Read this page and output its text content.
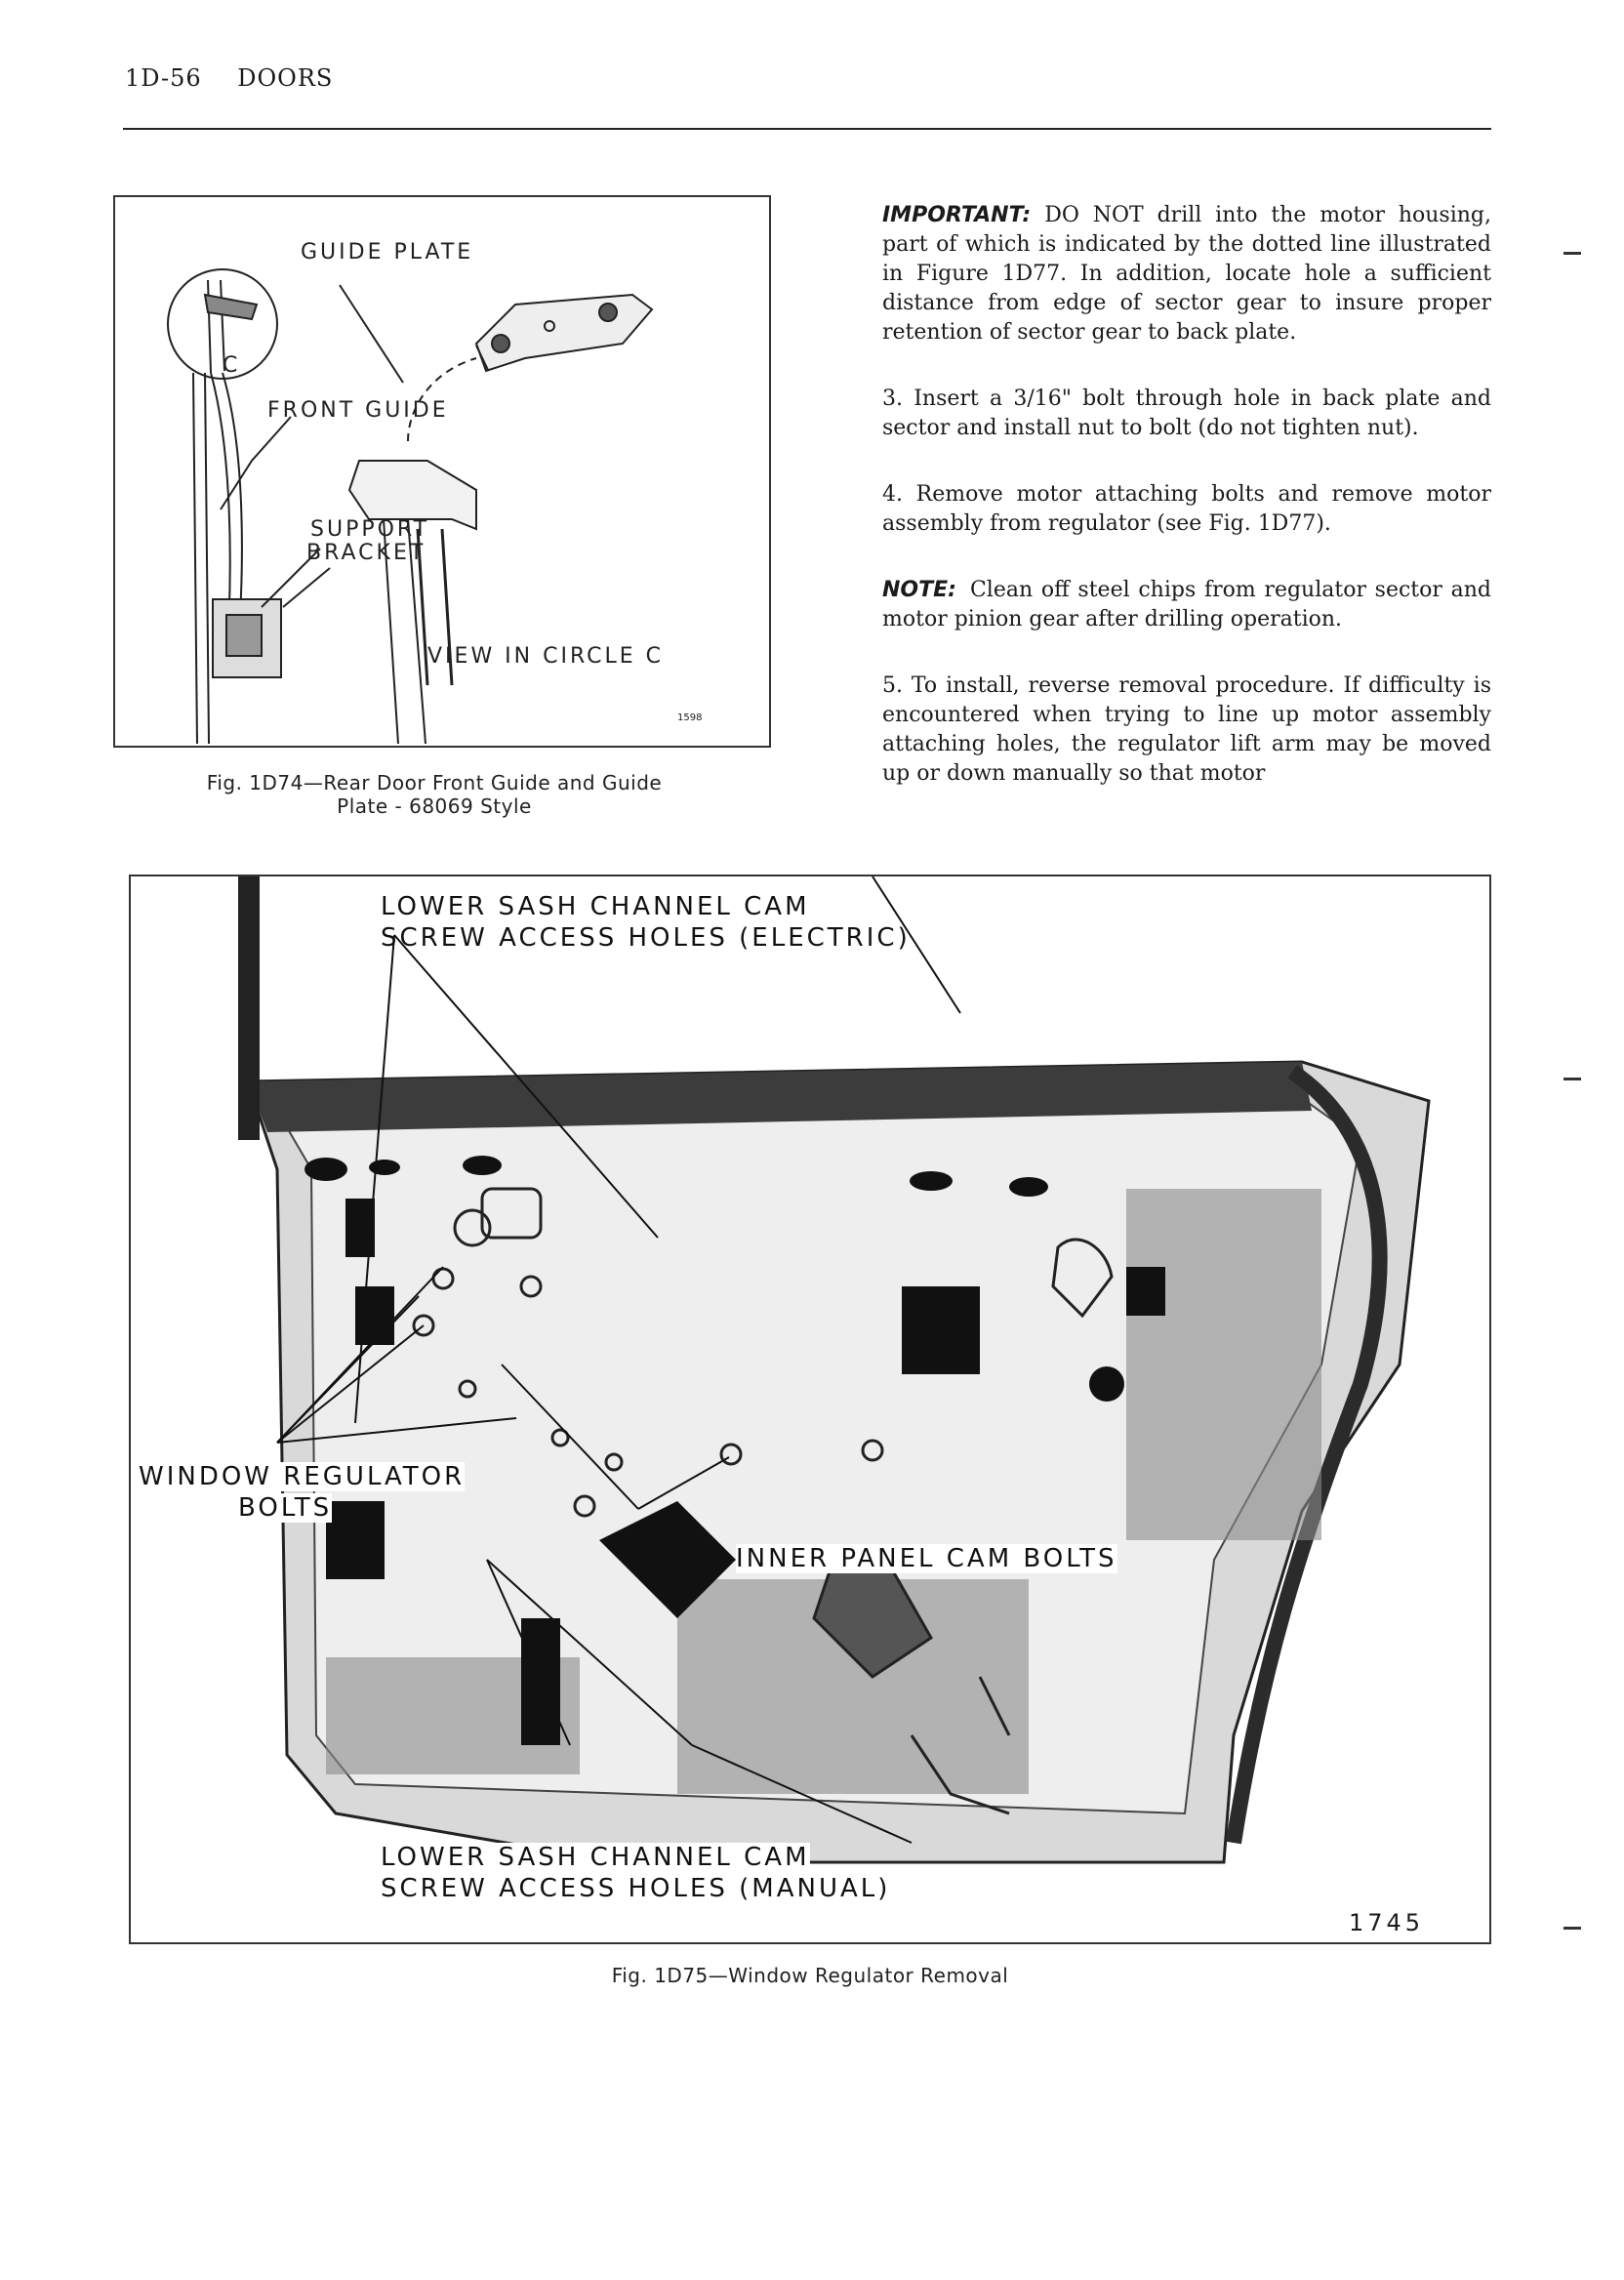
1D-56 DOORS
GUIDE PLATE
C
FRONT GUIDE
SUPPORT
BRACKET
VIEW IN CIRCLE C
1598
Fig. 1D74—Rear Door Front Guide and Guide
Plate - 68069 Style

IMPORTANT: DO NOT drill into the motor housing, part of which is indicated by the dotted line illustrated in Figure 1D77. In addition, locate hole a sufficient distance from edge of sector gear to insure proper retention of sector gear to back plate.

3. Insert a 3/16" bolt through hole in back plate and sector and install nut to bolt (do not tighten nut).

4. Remove motor attaching bolts and remove motor assembly from regulator (see Fig. 1D77).

NOTE: Clean off steel chips from regulator sector and motor pinion gear after drilling operation.

5. To install, reverse removal procedure. If difficulty is encountered when trying to line up motor assembly attaching holes, the regulator lift arm may be moved up or down manually so that motor

LOWER SASH CHANNEL CAM
SCREW ACCESS HOLES (ELECTRIC)
WINDOW REGULATOR
BOLTS
INNER PANEL CAM BOLTS
LOWER SASH CHANNEL CAM
SCREW ACCESS HOLES (MANUAL)
1745
Fig. 1D75—Window Regulator Removal
